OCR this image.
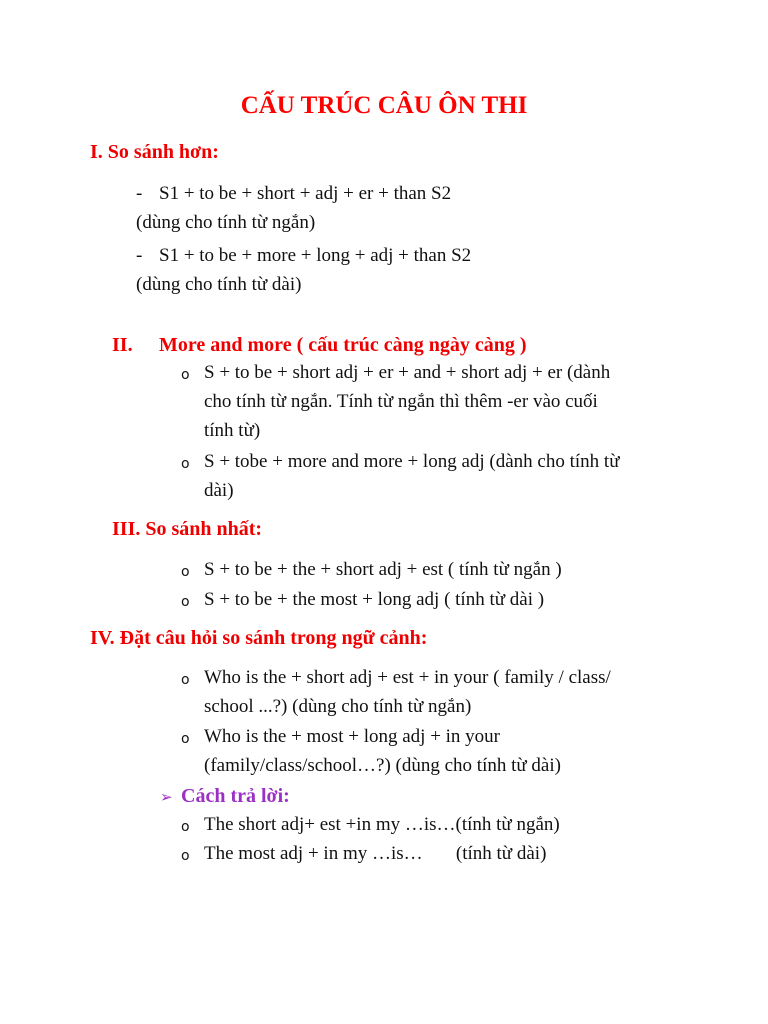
CẤU TRÚC CÂU ÔN THI
I. So sánh hơn:
- S1 + to be + short + adj + er + than S2
(dùng cho tính từ ngắn)
- S1 + to be + more + long + adj + than S2
(dùng cho tính từ dài)
II. More and more ( cấu trúc càng ngày càng )
o S + to be + short adj + er + and + short adj + er (dành
cho tính từ ngắn. Tính từ ngắn thì thêm -er vào cuối
tính từ)
o S + tobe + more and more + long adj (dành cho tính từ
dài)
III. So sánh nhất:
o S + to be + the + short adj + est ( tính từ ngắn )
o S + to be + the most + long adj ( tính từ dài )
IV. Đặt câu hỏi so sánh trong ngữ cảnh:
o Who is the + short adj + est + in your ( family / class/
school ...?) (dùng cho tính từ ngắn)
o Who is the + most + long adj + in your
(family/class/school…?) (dùng cho tính từ dài)
➢ Cách trả lời:
o The short adj+ est +in my …is…(tính từ ngắn)
o The most adj + in my …is…       (tính từ dài)
